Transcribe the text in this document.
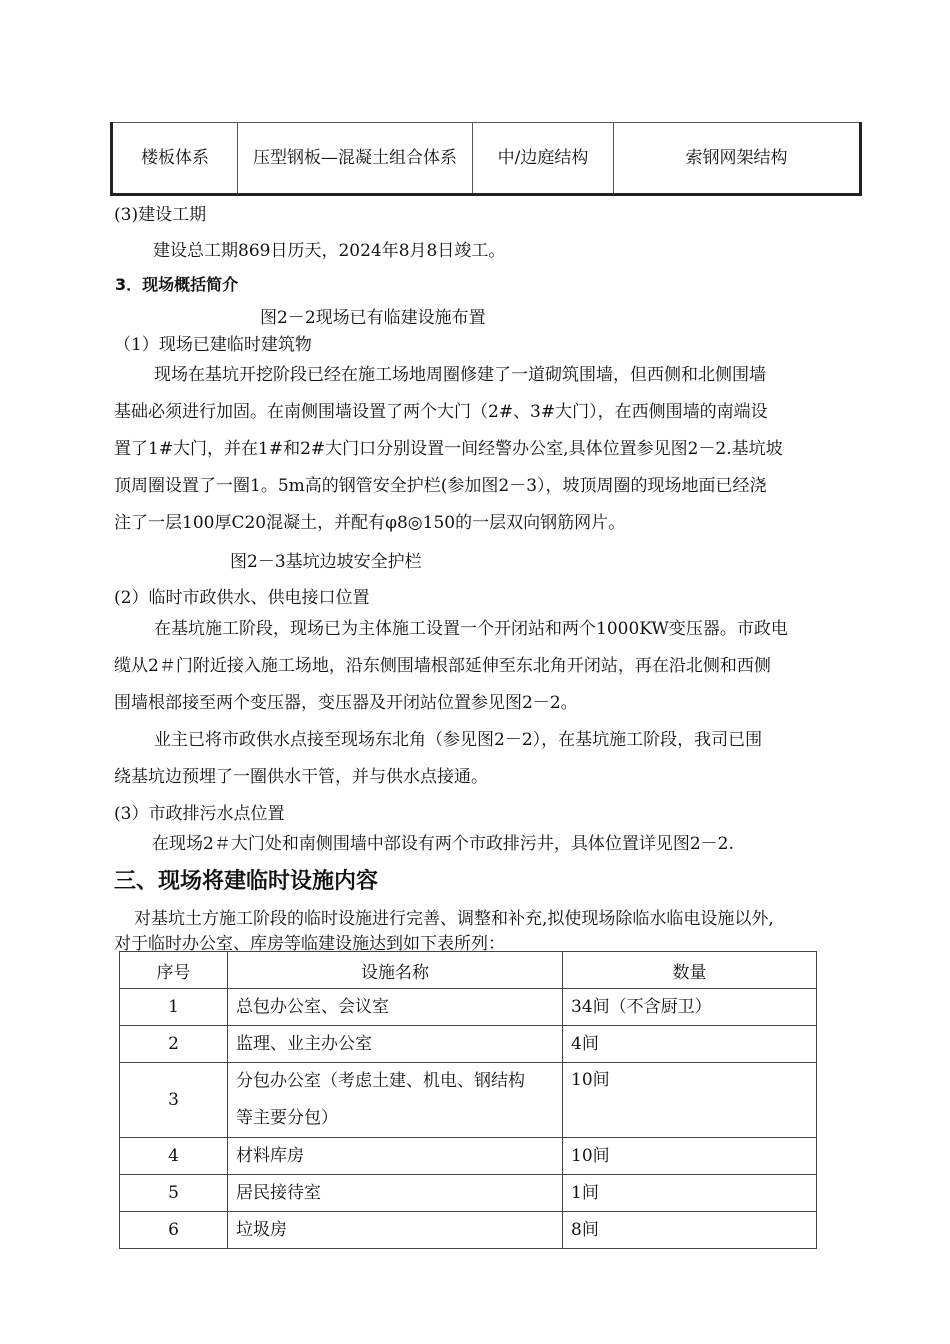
楼板体系	压型钢板—混凝土组合体系	中/边庭结构	索钢网架结构
(3)建设工期
建设总工期869日历天，2024年8月8日竣工。
3．现场概括简介
图2－2现场已有临建设施布置
（1）现场已建临时建筑物
现场在基坑开挖阶段已经在施工场地周圈修建了一道砌筑围墙，但西侧和北侧围墙
基础必须进行加固。在南侧围墙设置了两个大门（2#、3#大门），在西侧围墙的南端设
置了1#大门，并在1#和2#大门口分别设置一间经警办公室,具体位置参见图2－2.基坑坡
顶周圈设置了一圈1。5m高的钢管安全护栏(参加图2－3），坡顶周圈的现场地面已经浇
注了一层100厚C20混凝土，并配有φ8◎150的一层双向钢筋网片。
图2－3基坑边坡安全护栏
(2）临时市政供水、供电接口位置
在基坑施工阶段，现场已为主体施工设置一个开闭站和两个1000KW变压器。市政电
缆从2＃门附近接入施工场地，沿东侧围墙根部延伸至东北角开闭站，再在沿北侧和西侧
围墙根部接至两个变压器，变压器及开闭站位置参见图2－2。
业主已将市政供水点接至现场东北角（参见图2－2），在基坑施工阶段，我司已围
绕基坑边预埋了一圈供水干管，并与供水点接通。
(3）市政排污水点位置
在现场2＃大门处和南侧围墙中部设有两个市政排污井，具体位置详见图2－2.
三、现场将建临时设施内容
对基坑土方施工阶段的临时设施进行完善、调整和补充,拟使现场除临水临电设施以外,
对于临时办公室、库房等临建设施达到如下表所列：
序号	设施名称	数量
1	总包办公室、会议室	34间（不含厨卫）
2	监理、业主办公室	4间
3	分包办公室（考虑土建、机电、钢结构
等主要分包）	10间
4	材料库房	10间
5	居民接待室	1间
6	垃圾房	8间
